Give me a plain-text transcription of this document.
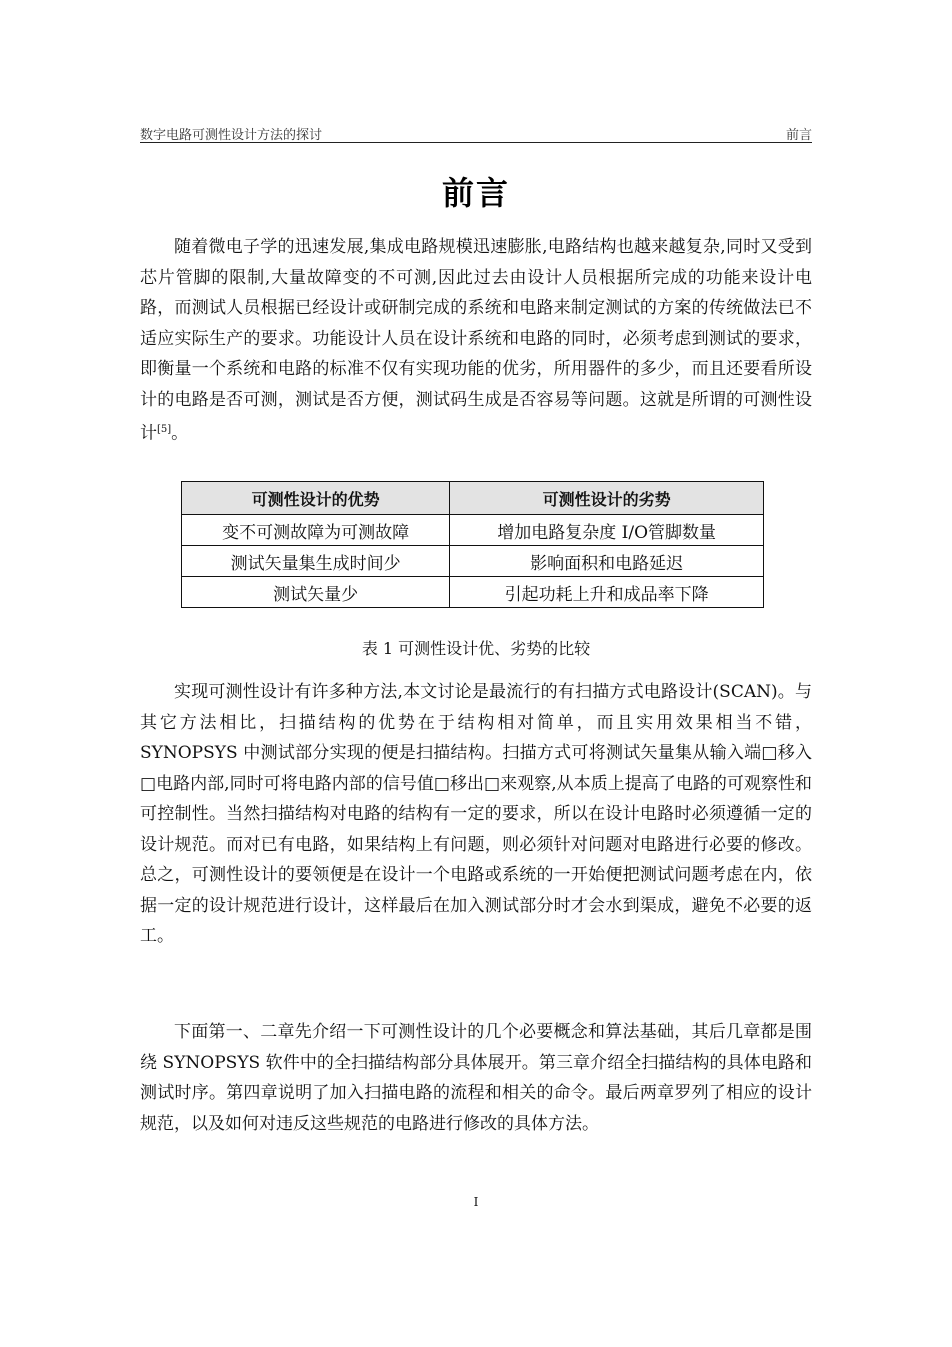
数字电路可测性设计方法的探讨	前言
前言

随着微电子学的迅速发展,集成电路规模迅速膨胀,电路结构也越来越复杂,同时又受到芯片管脚的限制,大量故障变的不可测,因此过去由设计人员根据所完成的功能来设计电路，而测试人员根据已经设计或研制完成的系统和电路来制定测试的方案的传统做法已不适应实际生产的要求。功能设计人员在设计系统和电路的同时，必须考虑到测试的要求，即衡量一个系统和电路的标准不仅有实现功能的优劣，所用器件的多少，而且还要看所设计的电路是否可测，测试是否方便，测试码生成是否容易等问题。这就是所谓的可测性设计[5]。

可测性设计的优势	可测性设计的劣势
变不可测故障为可测故障	增加电路复杂度 I/O管脚数量
测试矢量集生成时间少	影响面积和电路延迟
测试矢量少	引起功耗上升和成品率下降
表 1 可测性设计优、劣势的比较

实现可测性设计有许多种方法,本文讨论是最流行的有扫描方式电路设计(SCAN)。与其它方法相比，扫描结构的优势在于结构相对简单，而且实用效果相当不错，SYNOPSYS 中测试部分实现的便是扫描结构。扫描方式可将测试矢量集从输入端□移入□电路内部,同时可将电路内部的信号值□移出□来观察,从本质上提高了电路的可观察性和可控制性。当然扫描结构对电路的结构有一定的要求，所以在设计电路时必须遵循一定的设计规范。而对已有电路，如果结构上有问题，则必须针对问题对电路进行必要的修改。总之，可测性设计的要领便是在设计一个电路或系统的一开始便把测试问题考虑在内，依据一定的设计规范进行设计，这样最后在加入测试部分时才会水到渠成，避免不必要的返工。

下面第一、二章先介绍一下可测性设计的几个必要概念和算法基础，其后几章都是围绕 SYNOPSYS 软件中的全扫描结构部分具体展开。第三章介绍全扫描结构的具体电路和测试时序。第四章说明了加入扫描电路的流程和相关的命令。最后两章罗列了相应的设计规范，以及如何对违反这些规范的电路进行修改的具体方法。

I
